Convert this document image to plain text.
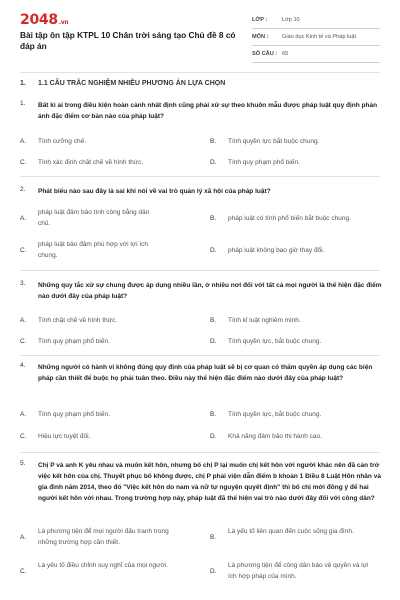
2048.vn
Bài tập ôn tập KTPL 10 Chân trời sáng tạo Chủ đề 8 có đáp án
LỚP :	Lớp 10
MÔN :	Giáo dục Kinh tế và Pháp luật
SỐ CÂU : 65
1. 1.1 CÂU TRẮC NGHIỆM NHIỀU PHƯƠNG ÁN LỰA CHỌN
1. Bất kì ai trong điều kiện hoàn cảnh nhất định cũng phải xử sự theo khuôn mẫu được pháp luật quy định phản ánh đặc điểm cơ bản nào của pháp luật?
A. Tính cưỡng chế.	B. Tính quyền lực bắt buộc chung.
C. Tính xác định chặt chẽ về hình thức.	D. Tính quy phạm phổ biến.
2. Phát biểu nào sau đây là sai khi nói về vai trò quản lý xã hội của pháp luật?
A.
pháp luật đảm bảo tính công bằng dân chủ.
B. pháp luật có tính phổ biến bắt buộc chung.
C.
pháp luật bảo đảm phù hợp với lợi ích chung.
D. pháp luật không bao giờ thay đổi.
3. Những quy tắc xử sự chung được áp dụng nhiều lần, ở nhiều nơi đối với tất cả mọi người là thể hiện đặc điểm nào dưới đây của pháp luật?
A. Tính chặt chẽ về hình thức.	B. Tính kỉ luật nghiêm minh.
C. Tính quy phạm phổ biến.	D. Tính quyền lực, bắt buộc chung.
4. Những người có hành vi không đúng quy định của pháp luật sẽ bị cơ quan có thẩm quyền áp dụng các biện pháp cần thiết để buộc họ phải tuân theo. Điều này thể hiện đặc điểm nào dưới đây của pháp luật?
A. Tính quy phạm phổ biến.	B. Tính quyền lực, bắt buộc chung.
C. Hiệu lực tuyệt đối.	D. Khả năng đảm bảo thi hành cao.
5. Chị P và anh K yêu nhau và muốn kết hôn, nhưng bố chị P lại muốn chị kết hôn với người khác nên đã cản trở việc kết hôn của chị. Thuyết phục bố không được, chị P phải viện dẫn điểm b khoản 1 Điều 8 Luật Hôn nhân và gia đình năm 2014, theo đó "Việc kết hôn do nam và nữ tự nguyện quyết định" thì bố chị mới đồng ý để hai người kết hôn với nhau. Trong trường hợp này, pháp luật đã thể hiện vai trò nào dưới đây đối với công dân?
A.
Là phương tiện để mọi người đấu tranh trong những trường hợp cần thiết.
B.
Là yếu tố liên quan đến cuộc sống gia đình.
C.
Là yếu tố điều chỉnh suy nghĩ của mọi người.
D.
Là phương tiện để công dân bảo vệ quyền và lợi ích hợp pháp của mình.
